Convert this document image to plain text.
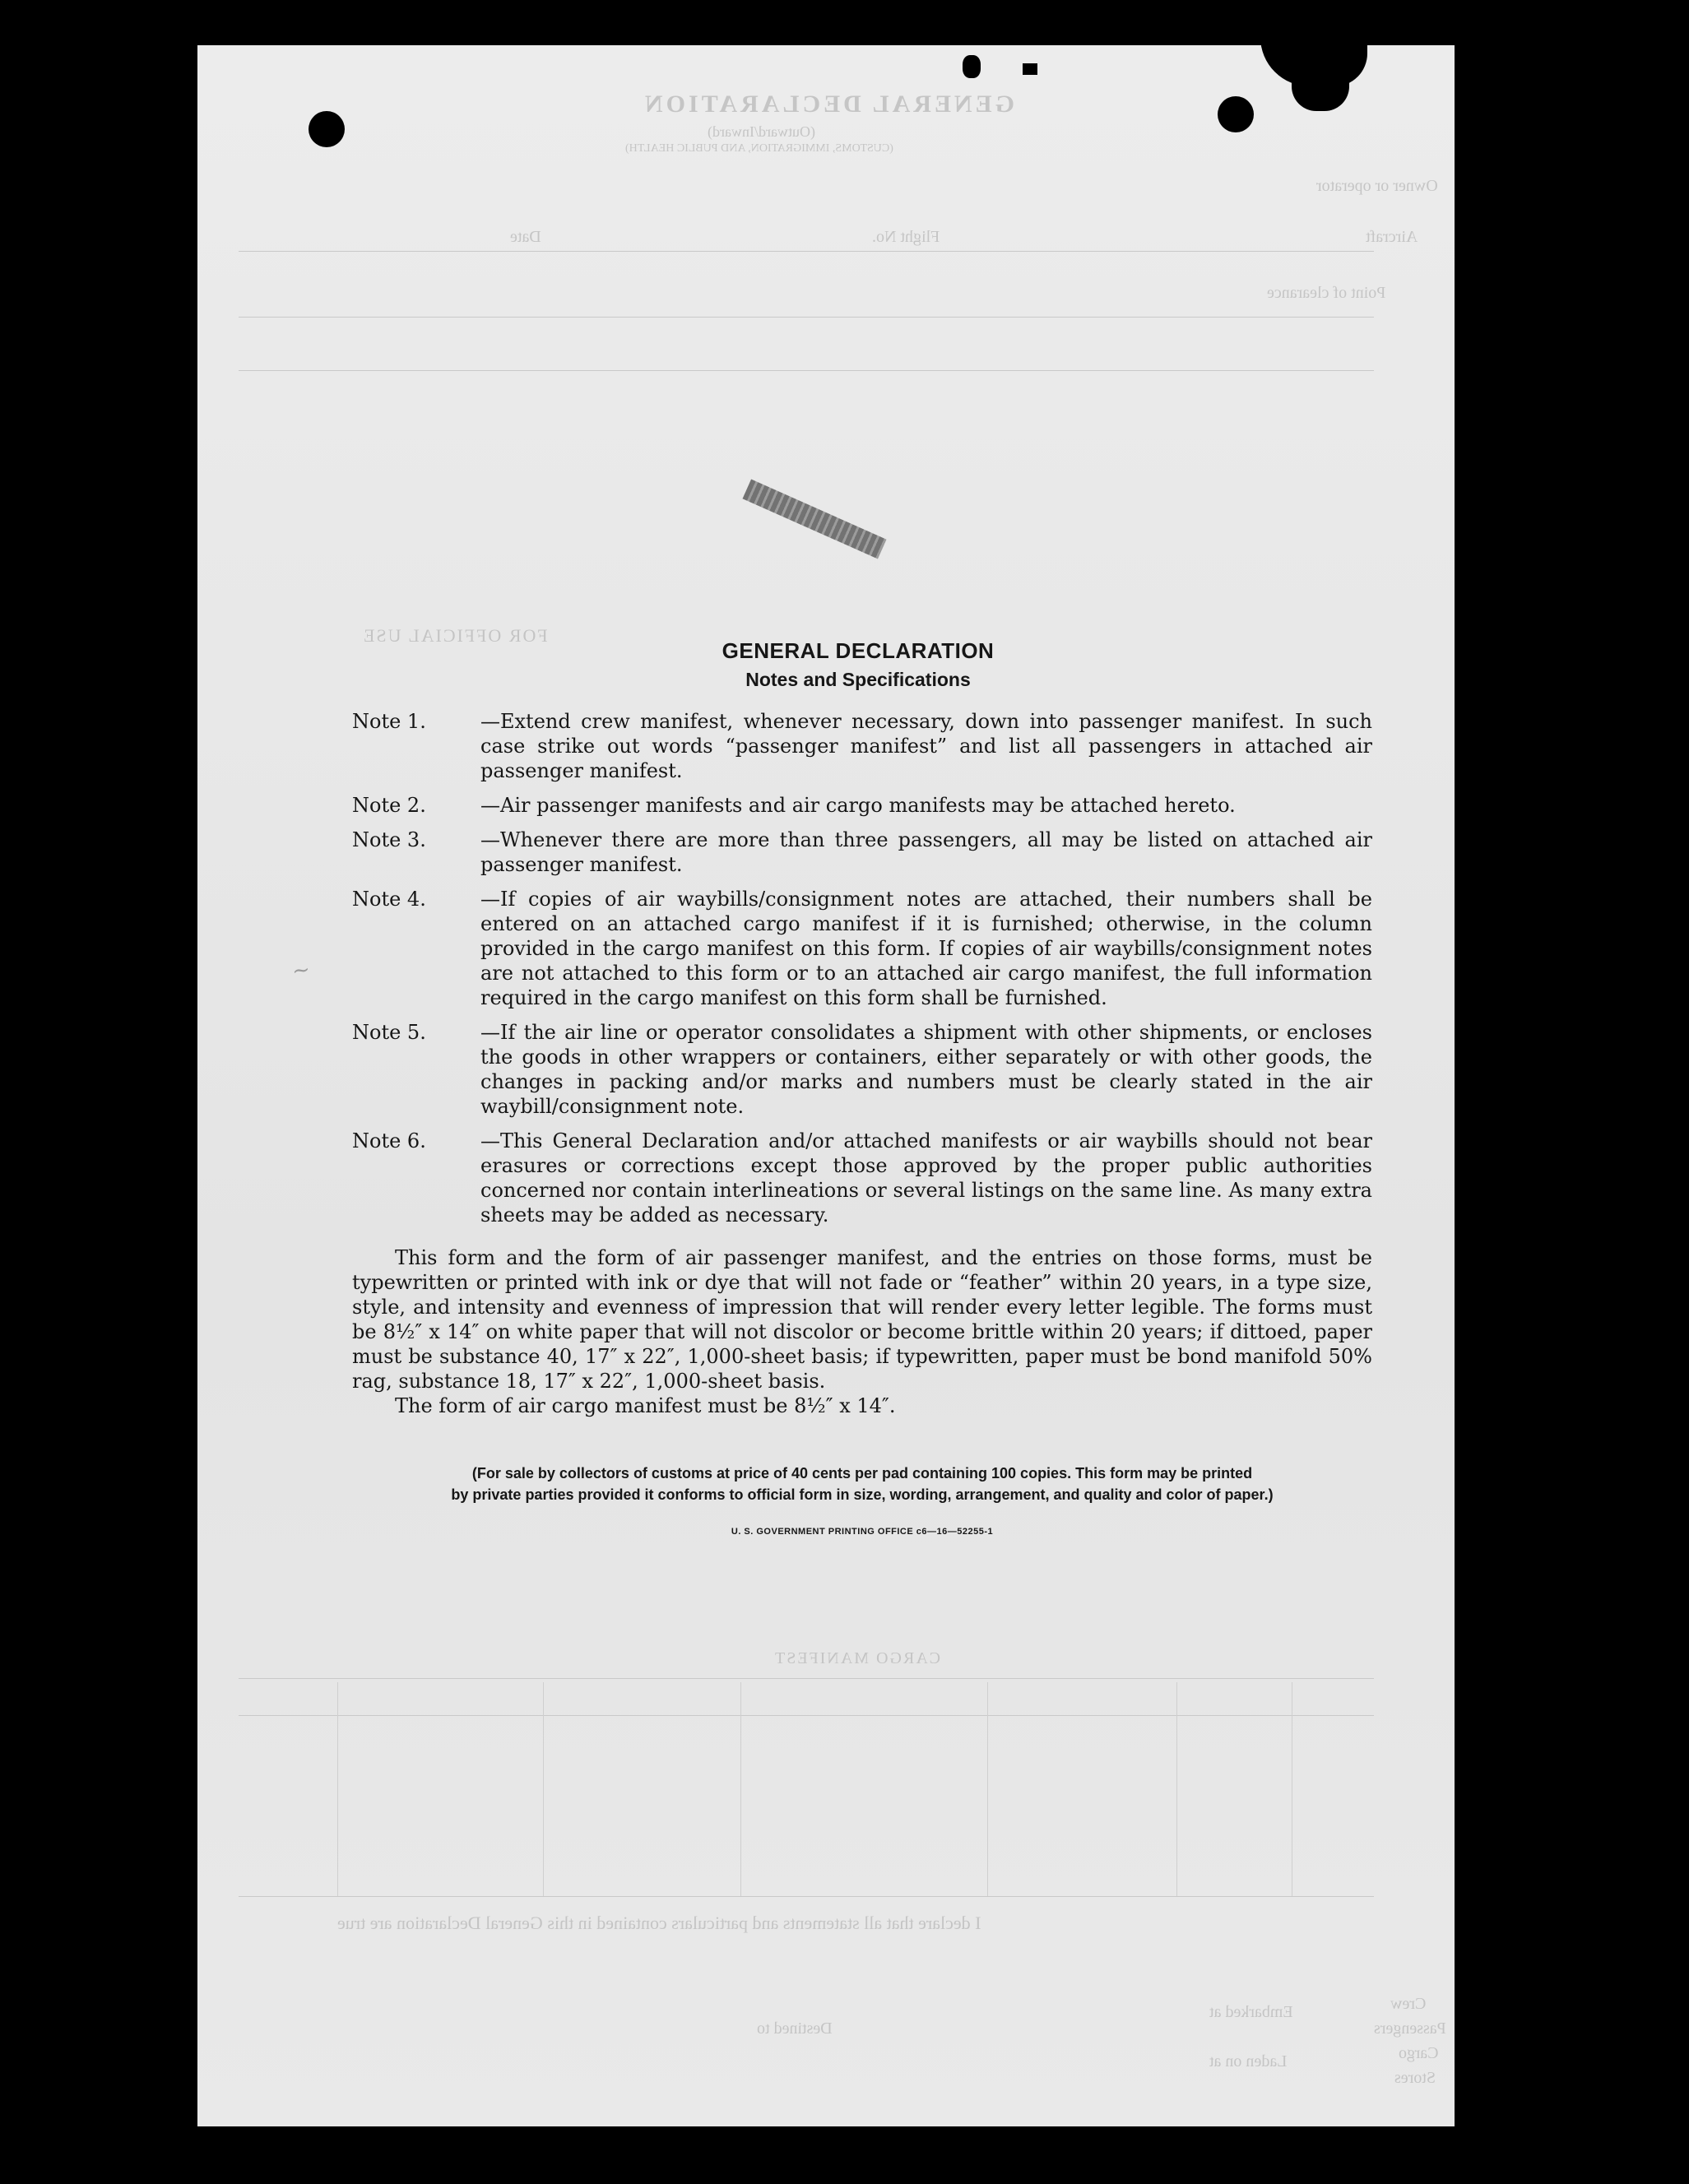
GENERAL DECLARATION
(Outward/Inward)
(CUSTOMS, IMMIGRATION, AND PUBLIC HEALTH)
Owner or operator
Aircraft
Flight No.
Date
Point of clearance
FOR OFFICIAL USE
CARGO MANIFEST
I declare that all statements and particulars contained in this General Declaration are true
Embarked at
Laden on at
Destined to
Crew
Passengers
Cargo
Stores
~
GENERAL DECLARATION
Notes and Specifications
Note 1.	—Extend crew manifest, whenever necessary, down into passenger manifest. In such case strike out words “passenger manifest” and list all passengers in attached air passenger manifest.
Note 2.	—Air passenger manifests and air cargo manifests may be attached hereto.
Note 3.	—Whenever there are more than three passengers, all may be listed on attached air passenger manifest.
Note 4.	—If copies of air waybills/consignment notes are attached, their numbers shall be entered on an attached cargo manifest if it is furnished; otherwise, in the column provided in the cargo manifest on this form. If copies of air waybills/consignment notes are not attached to this form or to an attached air cargo manifest, the full information required in the cargo manifest on this form shall be furnished.
Note 5.	—If the air line or operator consolidates a shipment with other shipments, or encloses the goods in other wrappers or containers, either separately or with other goods, the changes in packing and/or marks and numbers must be clearly stated in the air waybill/consignment note.
Note 6.	—This General Declaration and/or attached manifests or air waybills should not bear erasures or corrections except those approved by the proper public authorities concerned nor contain interlineations or several listings on the same line. As many extra sheets may be added as necessary.
This form and the form of air passenger manifest, and the entries on those forms, must be typewritten or printed with ink or dye that will not fade or “feather” within 20 years, in a type size, style, and intensity and evenness of impression that will render every letter legible. The forms must be 8½″ x 14″ on white paper that will not discolor or become brittle within 20 years; if dittoed, paper must be substance 40, 17″ x 22″, 1,000-sheet basis; if typewritten, paper must be bond manifold 50% rag, substance 18, 17″ x 22″, 1,000-sheet basis.
The form of air cargo manifest must be 8½″ x 14″.
(For sale by collectors of customs at price of 40 cents per pad containing 100 copies. This form may be printed
by private parties provided it conforms to official form in size, wording, arrangement, and quality and color of paper.)
U. S. GOVERNMENT PRINTING OFFICE c6—16—52255-1
